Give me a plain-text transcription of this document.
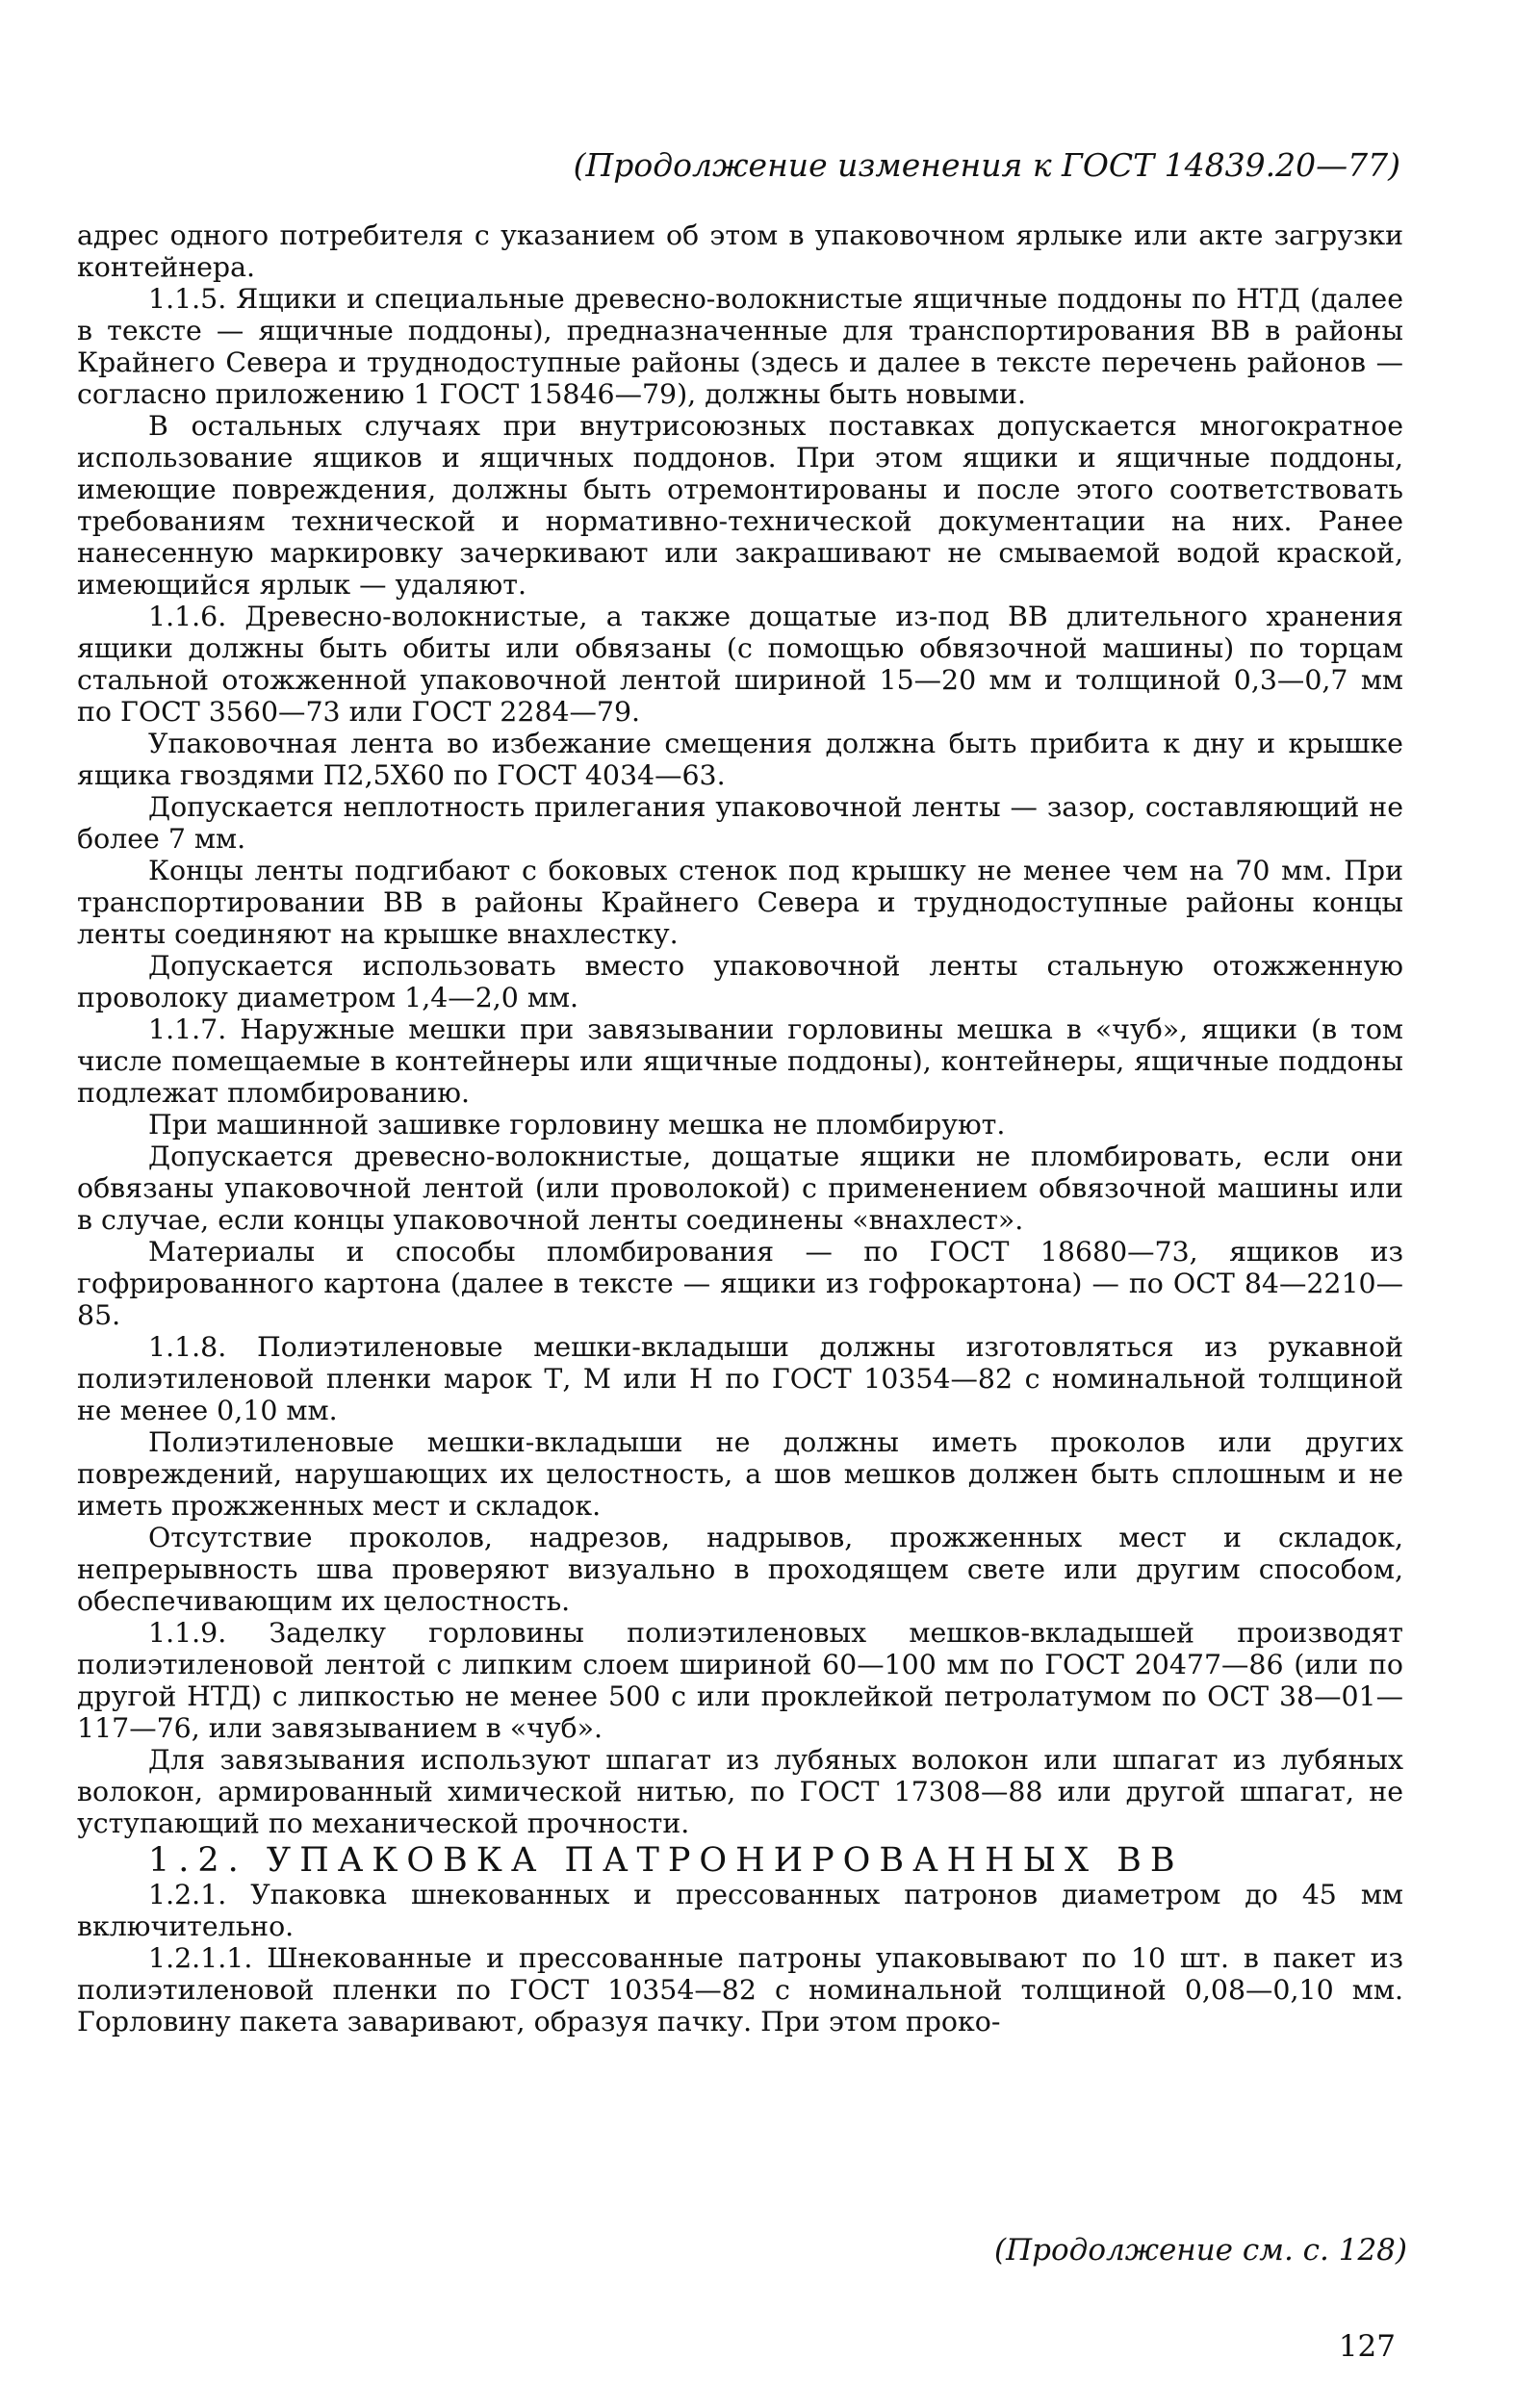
(Продолжение изменения к ГОСТ 14839.20—77)

адрес одного потребителя с указанием об этом в упаковочном ярлыке или акте загрузки контейнера.

1.1.5. Ящики и специальные древесно-волокнистые ящичные поддоны по НТД (далее в тексте — ящичные поддоны), предназначенные для транспортирования ВВ в районы Крайнего Севера и труднодоступные районы (здесь и далее в тексте перечень районов — согласно приложению 1 ГОСТ 15846—79), должны быть новыми.

В остальных случаях при внутрисоюзных поставках допускается многократное использование ящиков и ящичных поддонов. При этом ящики и ящичные поддоны, имеющие повреждения, должны быть отремонтированы и после этого соответствовать требованиям технической и нормативно-технической документации на них. Ранее нанесенную маркировку зачеркивают или закрашивают не смываемой водой краской, имеющийся ярлык — удаляют.

1.1.6. Древесно-волокнистые, а также дощатые из-под ВВ длительного хранения ящики должны быть обиты или обвязаны (с помощью обвязочной машины) по торцам стальной отожженной упаковочной лентой шириной 15—20 мм и толщиной 0,3—0,7 мм по ГОСТ 3560—73 или ГОСТ 2284—79.

Упаковочная лента во избежание смещения должна быть прибита к дну и крышке ящика гвоздями П2,5X60 по ГОСТ 4034—63.

Допускается неплотность прилегания упаковочной ленты — зазор, составляющий не более 7 мм.

Концы ленты подгибают с боковых стенок под крышку не менее чем на 70 мм. При транспортировании ВВ в районы Крайнего Севера и труднодоступные районы концы ленты соединяют на крышке внахлестку.

Допускается использовать вместо упаковочной ленты стальную отожженную проволоку диаметром 1,4—2,0 мм.

1.1.7. Наружные мешки при завязывании горловины мешка в «чуб», ящики (в том числе помещаемые в контейнеры или ящичные поддоны), контейнеры, ящичные поддоны подлежат пломбированию.

При машинной зашивке горловину мешка не пломбируют.

Допускается древесно-волокнистые, дощатые ящики не пломбировать, если они обвязаны упаковочной лентой (или проволокой) с применением обвязочной машины или в случае, если концы упаковочной ленты соединены «внахлест».

Материалы и способы пломбирования — по ГОСТ 18680—73, ящиков из гофрированного картона (далее в тексте — ящики из гофрокартона) — по ОСТ 84—2210—85.

1.1.8. Полиэтиленовые мешки-вкладыши должны изготовляться из рукавной полиэтиленовой пленки марок Т, М или Н по ГОСТ 10354—82 с номинальной толщиной не менее 0,10 мм.

Полиэтиленовые мешки-вкладыши не должны иметь проколов или других повреждений, нарушающих их целостность, а шов мешков должен быть сплошным и не иметь прожженных мест и складок.

Отсутствие проколов, надрезов, надрывов, прожженных мест и складок, непрерывность шва проверяют визуально в проходящем свете или другим способом, обеспечивающим их целостность.

1.1.9. Заделку горловины полиэтиленовых мешков-вкладышей производят полиэтиленовой лентой с липким слоем шириной 60—100 мм по ГОСТ 20477—86 (или по другой НТД) с липкостью не менее 500 с или проклейкой петролатумом по ОСТ 38—01—117—76, или завязыванием в «чуб».

Для завязывания используют шпагат из лубяных волокон или шпагат из лубяных волокон, армированный химической нитью, по ГОСТ 17308—88 или другой шпагат, не уступающий по механической прочности.

1.2. УПАКОВКА ПАТРОНИРОВАННЫХ ВВ

1.2.1. Упаковка шнекованных и прессованных патронов диаметром до 45 мм включительно.

1.2.1.1. Шнекованные и прессованные патроны упаковывают по 10 шт. в пакет из полиэтиленовой пленки по ГОСТ 10354—82 с номинальной толщиной 0,08—0,10 мм. Горловину пакета заваривают, образуя пачку. При этом проко-

(Продолжение см. с. 128)
127
